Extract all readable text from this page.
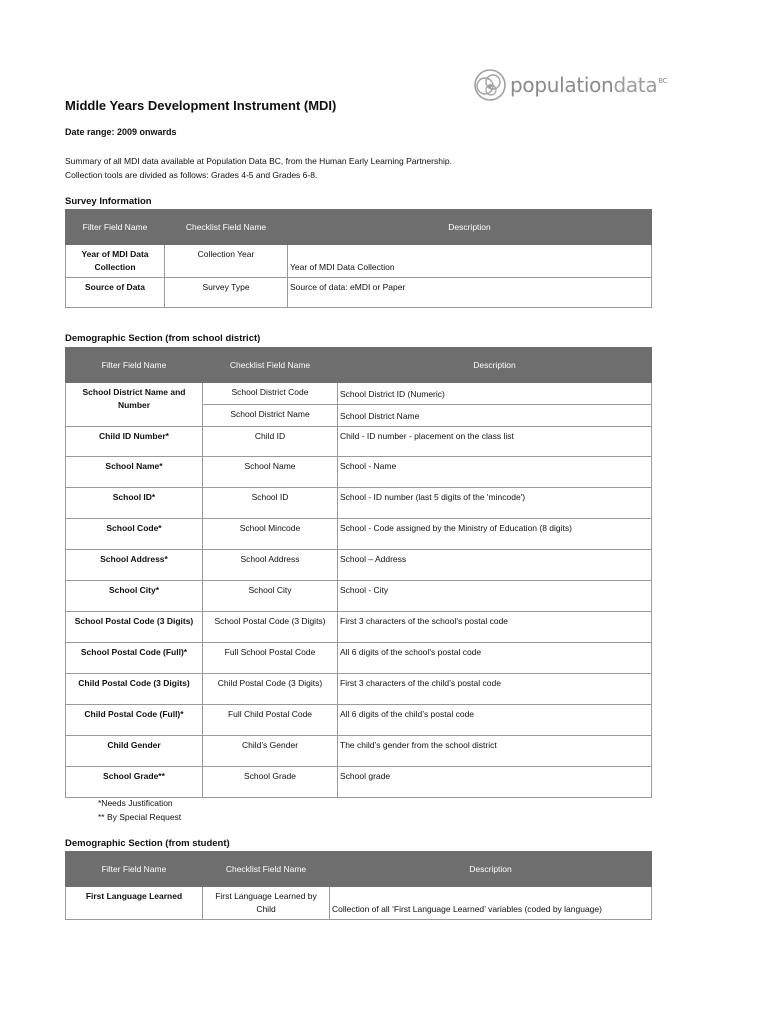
populationdata$^{BC}$
Middle Years Development Instrument (MDI)
Date range: 2009 onwards
Summary of all MDI data available at Population Data BC, from the Human Early Learning Partnership.
Collection tools are divided as follows: Grades 4-5 and Grades 6-8.
Survey Information
Filter Field Name	Checklist Field Name	Description
Year of MDI Data Collection	Collection Year	Year of MDI Data Collection
Source of Data	Survey Type	Source of data: eMDI or Paper
Demographic Section (from school district)
Filter Field Name	Checklist Field Name	Description
School District Name and Number	School District Code	School District ID (Numeric)
	School District Name	School District Name
Child ID Number*	Child ID	Child - ID number - placement on the class list
School Name*	School Name	School - Name
School ID*	School ID	School - ID number (last 5 digits of the 'mincode')
School Code*	School Mincode	School - Code assigned by the Ministry of Education (8 digits)
School Address*	School Address	School – Address
School City*	School City	School - City
School Postal Code (3 Digits)	School Postal Code (3 Digits)	First 3 characters of the school’s postal code
School Postal Code (Full)*	Full School Postal Code	All 6 digits of the school’s postal code
Child Postal Code (3 Digits)	Child Postal Code (3 Digits)	First 3 characters of the child’s postal code
Child Postal Code (Full)*	Full Child Postal Code	All 6 digits of the child’s postal code
Child Gender	Child’s Gender	The child’s gender from the school district
School Grade**	School Grade	School grade
*Needs Justification
** By Special Request
Demographic Section (from student)
Filter Field Name	Checklist Field Name	Description
First Language Learned	First Language Learned by Child	Collection of all ‘First Language Learned’ variables (coded by language)
